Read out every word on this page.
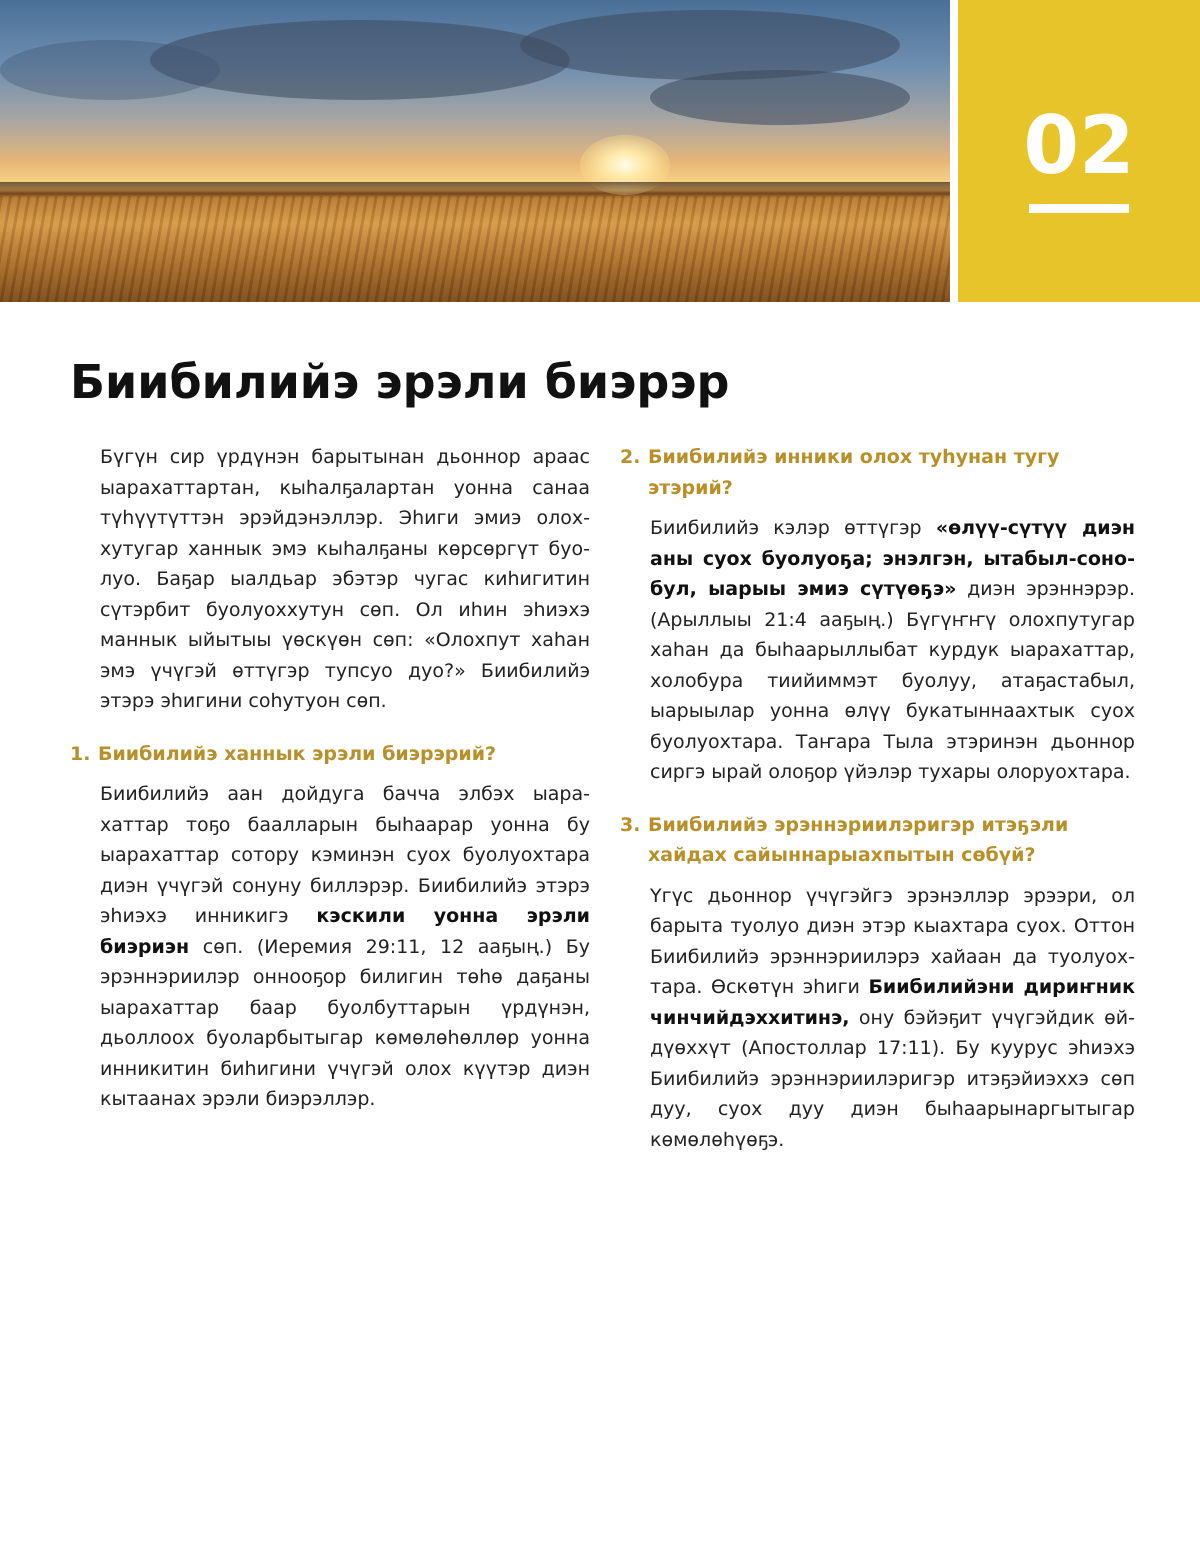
02
Биибилийэ эрэли биэрэр

Бүгүн сир үрдүнэн барытынан дьоннор араас ыарахаттартан, кыһалҕалартан уонна санаа түһүүтүттэн эрэйдэнэллэр. Эһиги эмиэ олоххутугар ханнык эмэ кыһалҕаны көрсөргүт буолуо. Баҕар ыалдьар эбэтэр чугас киһигитин сүтэрбит буолуоххутун сөп. Ол иһин эһиэхэ маннык ыйытыы үөскүөн сөп: «Олохпут хаһан эмэ үчүгэй өттүгэр тупсуо дуо?» Биибилийэ этэрэ эһигини соһутуон сөп.

1. Биибилийэ ханнык эрэли биэрэрий?

Биибилийэ аан дойдуга бачча элбэх ыарахаттар тоҕо баалларын быһаарар уонна бу ыарахаттар сотору кэминэн суох буолуохтара диэн үчүгэй сонуну биллэрэр. Биибилийэ этэрэ эһиэхэ инникигэ кэскили уонна эрэли биэриэн сөп. (Иеремия 29:11, 12 ааҕың.) Бу эрэннэриилэр оннооҕор билигин төһө даҕаны ыарахаттар баар буолбуттарын үрдүнэн, дьоллоох буоларбытыгар көмөлөһөллөр уонна инникитин биһигини үчүгэй олох күүтэр диэн кытаанах эрэли биэрэллэр.

2. Биибилийэ инники олох туһунан тугу этэрий?

Биибилийэ кэлэр өттүгэр «өлүү-сүтүү диэн аны суох буолуоҕа; энэлгэн, ытабыл-сонобул, ыарыы эмиэ сүтүөҕэ» диэн эрэннэрэр. (Арыллыы 21:4 ааҕың.) Бүгүҥҥү олохпутугар хаһан да быһаарыллыбат курдук ыарахаттар, холобура тиийиммэт буолуу, атаҕастабыл, ыарыылар уонна өлүү букатыннаахтык суох буолуохтара. Таҥара Тыла этэринэн дьоннор сиргэ ырай олоҕор үйэлэр тухары олоруохтара.

3. Биибилийэ эрэннэриилэригэр итэҕэли хайдах сайыннарыахпытын сөбүй?

Үгүс дьоннор үчүгэйгэ эрэнэллэр эрээри, ол барыта туолуо диэн этэр кыахтара суох. Оттон Биибилийэ эрэннэриилэрэ хайаан да туолуохтара. Өскөтүн эһиги Биибилийэни дириҥник чинчийдэххитинэ, ону бэйэҕит үчүгэйдик өйдүөххүт (Апостоллар 17:11). Бу куурус эһиэхэ Биибилийэ эрэннэриилэригэр итэҕэйиэххэ сөп дуу, суох дуу диэн быһаарынаргытыгар көмөлөһүөҕэ.
